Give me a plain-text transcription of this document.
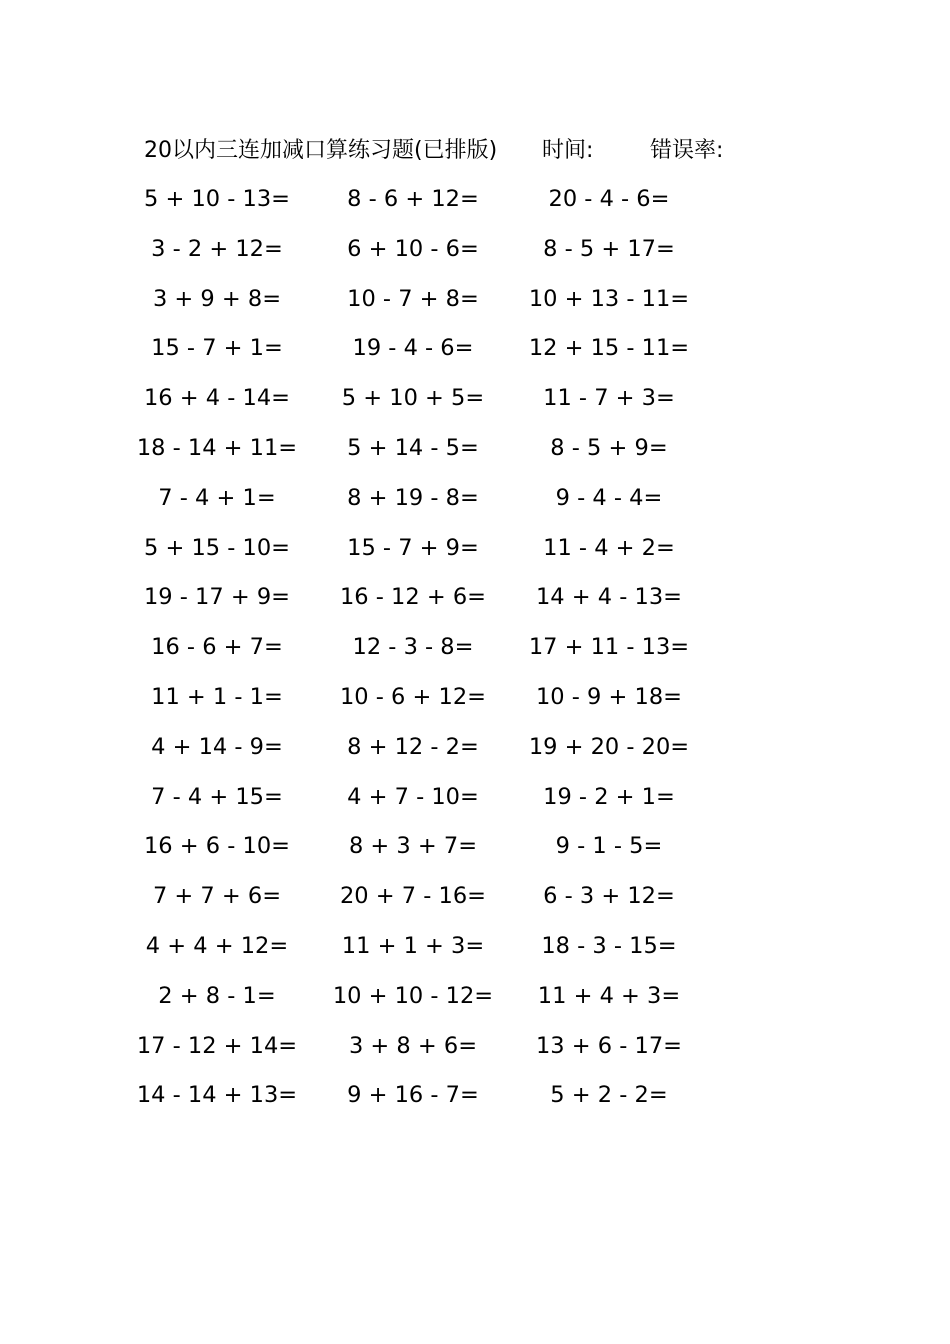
20以内三连加减口算练习题(已排版) 时间:	错误率:
5 + 10 - 13=	8 - 6 + 12=	20 - 4 - 6=
3 - 2 + 12=	6 + 10 - 6=	8 - 5 + 17=
3 + 9 + 8=	10 - 7 + 8=	10 + 13 - 11=
15 - 7 + 1=	19 - 4 - 6=	12 + 15 - 11=
16 + 4 - 14=	5 + 10 + 5=	11 - 7 + 3=
18 - 14 + 11=	5 + 14 - 5=	8 - 5 + 9=
7 - 4 + 1=	8 + 19 - 8=	9 - 4 - 4=
5 + 15 - 10=	15 - 7 + 9=	11 - 4 + 2=
19 - 17 + 9=	16 - 12 + 6=	14 + 4 - 13=
16 - 6 + 7=	12 - 3 - 8=	17 + 11 - 13=
11 + 1 - 1=	10 - 6 + 12=	10 - 9 + 18=
4 + 14 - 9=	8 + 12 - 2=	19 + 20 - 20=
7 - 4 + 15=	4 + 7 - 10=	19 - 2 + 1=
16 + 6 - 10=	8 + 3 + 7=	9 - 1 - 5=
7 + 7 + 6=	20 + 7 - 16=	6 - 3 + 12=
4 + 4 + 12=	11 + 1 + 3=	18 - 3 - 15=
2 + 8 - 1=	10 + 10 - 12=	11 + 4 + 3=
17 - 12 + 14=	3 + 8 + 6=	13 + 6 - 17=
14 - 14 + 13=	9 + 16 - 7=	5 + 2 - 2=
